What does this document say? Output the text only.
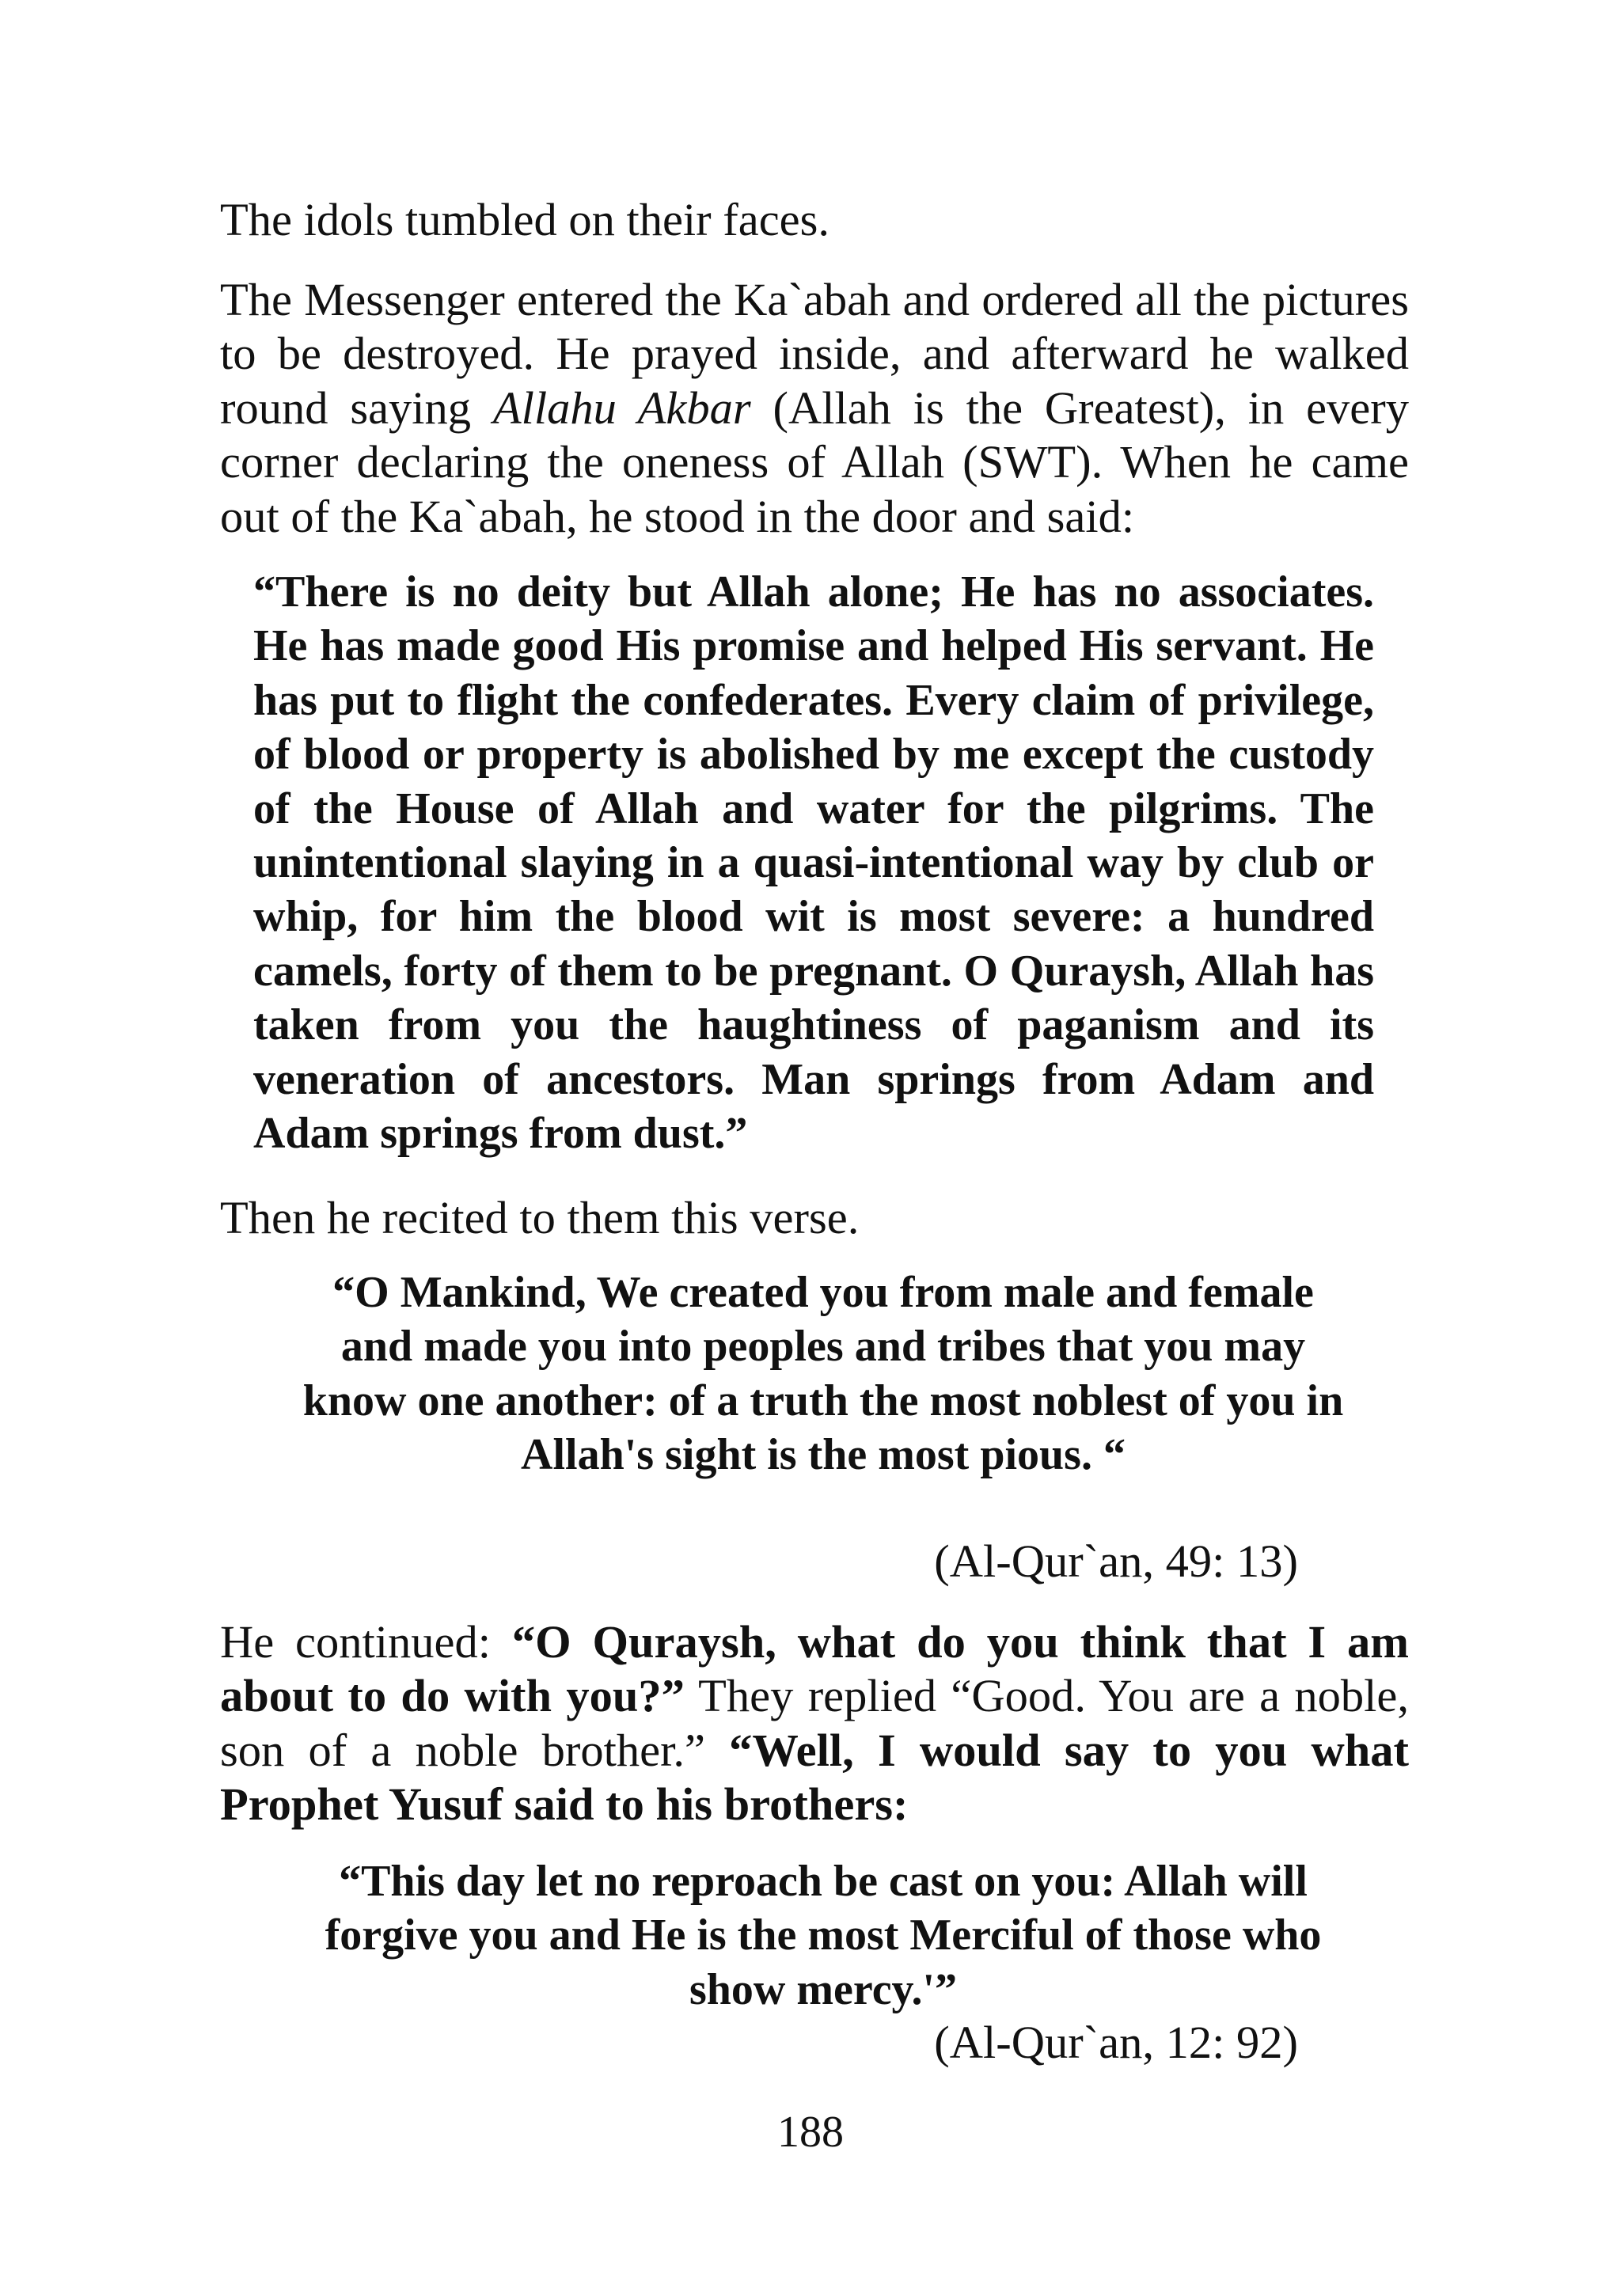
The idols tumbled on their faces.

The Messenger entered the Ka`abah and ordered all the pictures to be destroyed. He prayed inside, and afterward he walked round saying Allahu Akbar (Allah is the Greatest), in every corner declaring the oneness of Allah (SWT). When he came out of the Ka`abah, he stood in the door and said:

“There is no deity but Allah alone; He has no associates. He has made good His promise and helped His servant. He has put to flight the confederates. Every claim of privilege, of blood or property is abolished by me except the custody of the House of Allah and water for the pilgrims. The unintentional slaying in a quasi-intentional way by club or whip, for him the blood wit is most severe: a hundred camels, forty of them to be pregnant. O Quraysh, Allah has taken from you the haughtiness of paganism and its veneration of ancestors. Man springs from Adam and Adam springs from dust.”

Then he recited to them this verse.

“O Mankind, We created you from male and female and made you into peoples and tribes that you may know one another: of a truth the most noblest of you in Allah's sight is the most pious. “

(Al-Qur`an, 49: 13)

He continued: “O Quraysh, what do you think that I am about to do with you?” They replied “Good. You are a noble, son of a noble brother.” “Well, I would say to you what Prophet Yusuf said to his brothers:

“This day let no reproach be cast on you: Allah will forgive you and He is the most Merciful of those who show mercy.'”

(Al-Qur`an, 12: 92)

188
